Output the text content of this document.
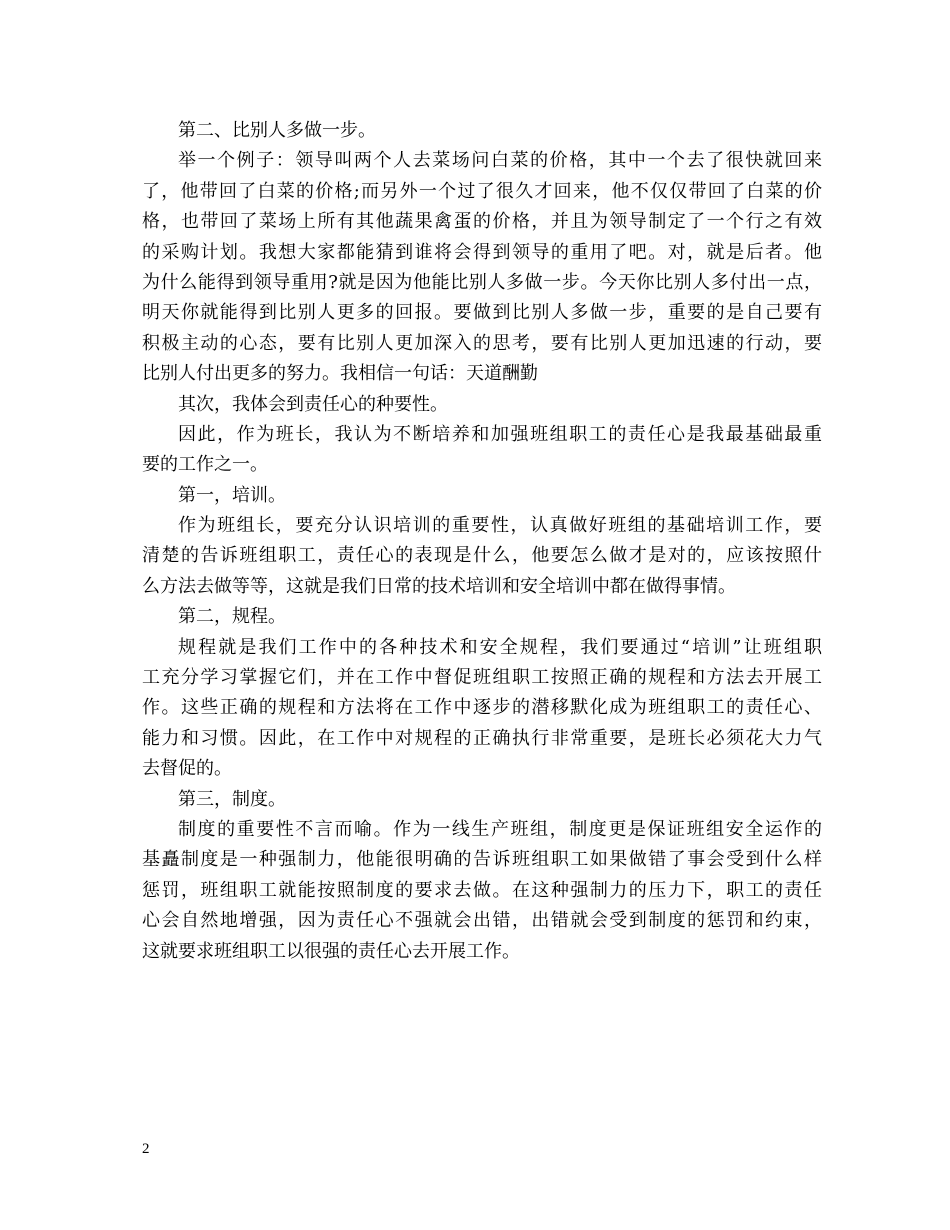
第二、比别人多做一步。
举一个例子：领导叫两个人去菜场问白菜的价格，其中一个去了很快就回来
了，他带回了白菜的价格;而另外一个过了很久才回来，他不仅仅带回了白菜的价
格，也带回了菜场上所有其他蔬果禽蛋的价格，并且为领导制定了一个行之有效
的采购计划。我想大家都能猜到谁将会得到领导的重用了吧。对，就是后者。他
为什么能得到领导重用?就是因为他能比别人多做一步。今天你比别人多付出一点，
明天你就能得到比别人更多的回报。要做到比别人多做一步，重要的是自己要有
积极主动的心态，要有比别人更加深入的思考，要有比别人更加迅速的行动，要
比别人付出更多的努力。我相信一句话：天道酬勤
其次，我体会到责任心的种要性。
因此，作为班长，我认为不断培养和加强班组职工的责任心是我最基础最重
要的工作之一。
第一，培训。
作为班组长，要充分认识培训的重要性，认真做好班组的基础培训工作，要
清楚的告诉班组职工，责任心的表现是什么，他要怎么做才是对的，应该按照什
么方法去做等等，这就是我们日常的技术培训和安全培训中都在做得事情。
第二，规程。
规程就是我们工作中的各种技术和安全规程，我们要通过“培训”让班组职
工充分学习掌握它们，并在工作中督促班组职工按照正确的规程和方法去开展工
作。这些正确的规程和方法将在工作中逐步的潜移默化成为班组职工的责任心、
能力和习惯。因此，在工作中对规程的正确执行非常重要，是班长必须花大力气
去督促的。
第三，制度。
制度的重要性不言而喻。作为一线生产班组，制度更是保证班组安全运作的
基矗制度是一种强制力，他能很明确的告诉班组职工如果做错了事会受到什么样
惩罚，班组职工就能按照制度的要求去做。在这种强制力的压力下，职工的责任
心会自然地增强，因为责任心不强就会出错，出错就会受到制度的惩罚和约束，
这就要求班组职工以很强的责任心去开展工作。
2
